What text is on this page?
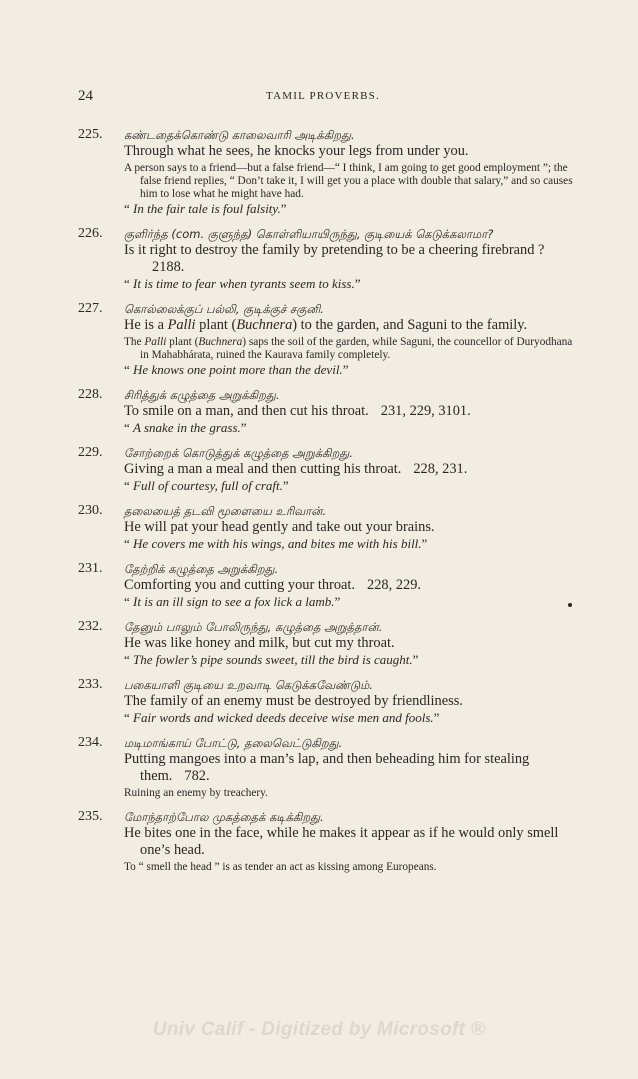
24	TAMIL PROVERBS.
225. கண்டதைக்கொண்டு காலைவாரி அடிக்கிறது.
Through what he sees, he knocks your legs from under you.
A person says to a friend—but a false friend—“ I think, I am going to get good employment ”; the false friend replies, “ Don’t take it, I will get you a place with double that salary,” and so causes him to lose what he might have had.
“ In the fair tale is foul falsity.”
226. குளிர்ந்த (com. குளுந்த) கொள்ளியாயிருந்து, குடியைக் கெடுக்கலாமா?
Is it right to destroy the family by pretending to be a cheering firebrand ?2188.
“ It is time to fear when tyrants seem to kiss.”
227. கொல்லைக்குப் பல்லி, குடிக்குச் சகுனி.
He is a Palli plant (Buchnera) to the garden, and Saguni to the family.
The Palli plant (Buchnera) saps the soil of the garden, while Saguni, the councellor of Duryodhana in Mahabhárata, ruined the Kaurava family completely.
“ He knows one point more than the devil.”
228. சிரித்துக் கழுத்தை அறுக்கிறது.
To smile on a man, and then cut his throat. 231, 229, 3101.
“ A snake in the grass.”
229. சோற்றைக் கொடுத்துக் கழுத்தை அறுக்கிறது.
Giving a man a meal and then cutting his throat. 228, 231.
“ Full of courtesy, full of craft.”
230. தலையைத் தடவி மூளையை உரிவான்.
He will pat your head gently and take out your brains.
“ He covers me with his wings, and bites me with his bill.”
231. தேற்றிக் கழுத்தை அறுக்கிறது.
Comforting you and cutting your throat. 228, 229.
“ It is an ill sign to see a fox lick a lamb.”
232. தேனும் பாலும் போலிருந்து, கழுத்தை அறுத்தான்.
He was like honey and milk, but cut my throat.
“ The fowler’s pipe sounds sweet, till the bird is caught.”
233. பகையாளி குடியை உறவாடி கெடுக்கவேண்டும்.
The family of an enemy must be destroyed by friendliness.
“ Fair words and wicked deeds deceive wise men and fools.”
234. மடிமாங்காய் போட்டு, தலைவெட்டுகிறது.
Putting mangoes into a man’s lap, and then beheading him for stealing them. 782.
Ruining an enemy by treachery.
235. மோந்தாற்போல முகத்தைக் கடிக்கிறது.
He bites one in the face, while he makes it appear as if he would only smell one’s head.
To “ smell the head ” is as tender an act as kissing among Europeans.
Univ Calif - Digitized by Microsoft ®
